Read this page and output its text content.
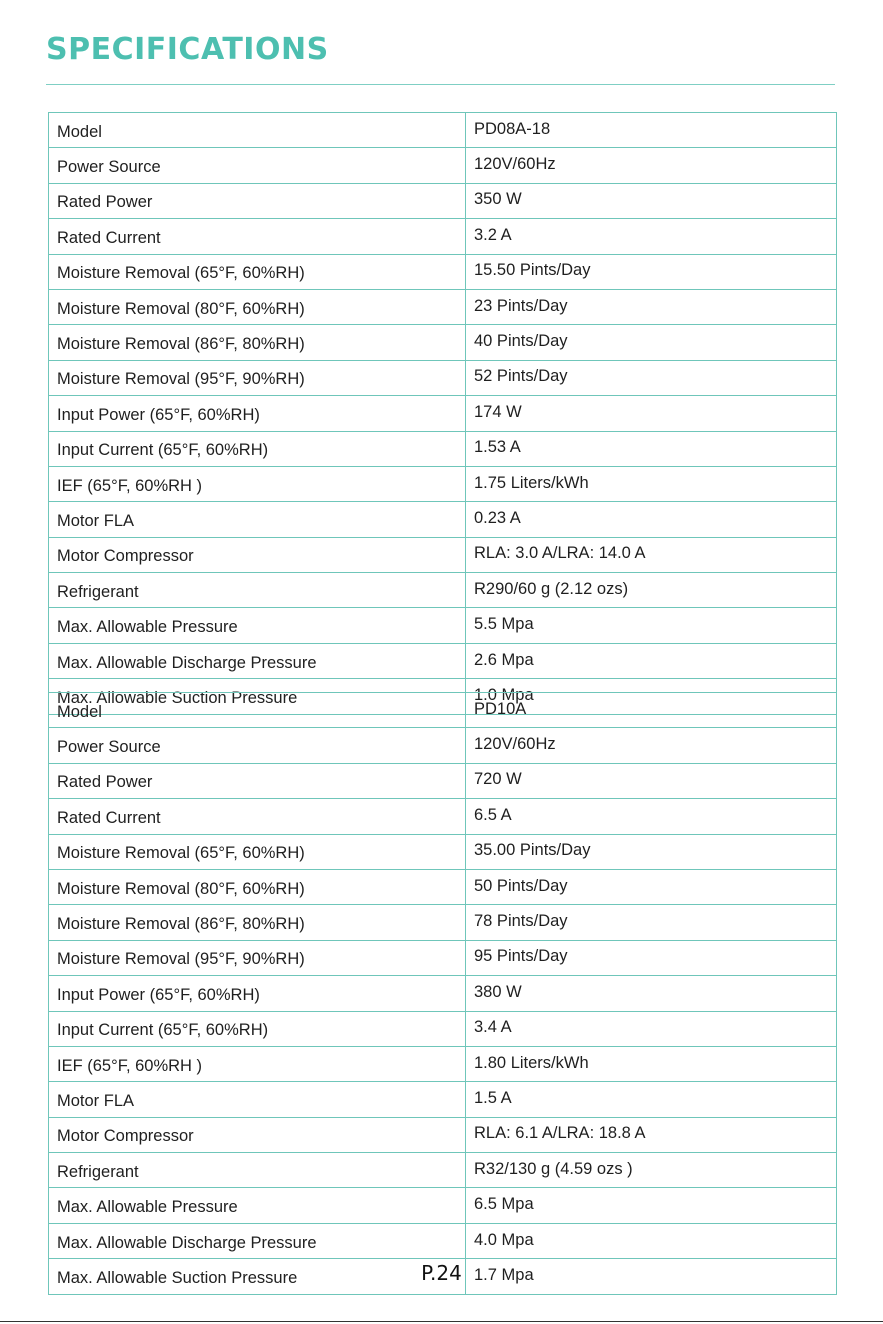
SPECIFICATIONS
Model	PD08A-18
Power Source	120V/60Hz
Rated Power	350 W
Rated Current	3.2 A
Moisture Removal (65°F, 60%RH)	15.50 Pints/Day
Moisture Removal (80°F, 60%RH)	23 Pints/Day
Moisture Removal (86°F, 80%RH)	40 Pints/Day
Moisture Removal (95°F, 90%RH)	52 Pints/Day
Input Power (65°F, 60%RH)	174 W
Input Current (65°F, 60%RH)	1.53 A
IEF (65°F, 60%RH )	1.75 Liters/kWh
Motor FLA	0.23 A
Motor Compressor	RLA: 3.0 A/LRA: 14.0 A
Refrigerant	R290/60 g (2.12 ozs)
Max. Allowable Pressure	5.5 Mpa
Max. Allowable Discharge Pressure	2.6 Mpa
Max. Allowable Suction Pressure	1.0 Mpa
Model	PD10A
Power Source	120V/60Hz
Rated Power	720 W
Rated Current	6.5 A
Moisture Removal (65°F, 60%RH)	35.00 Pints/Day
Moisture Removal (80°F, 60%RH)	50 Pints/Day
Moisture Removal (86°F, 80%RH)	78 Pints/Day
Moisture Removal (95°F, 90%RH)	95 Pints/Day
Input Power (65°F, 60%RH)	380 W
Input Current (65°F, 60%RH)	3.4 A
IEF (65°F, 60%RH )	1.80 Liters/kWh
Motor FLA	1.5 A
Motor Compressor	RLA: 6.1 A/LRA: 18.8 A
Refrigerant	R32/130 g (4.59 ozs )
Max. Allowable Pressure	6.5 Mpa
Max. Allowable Discharge Pressure	4.0 Mpa
Max. Allowable Suction Pressure	1.7 Mpa
P.24
